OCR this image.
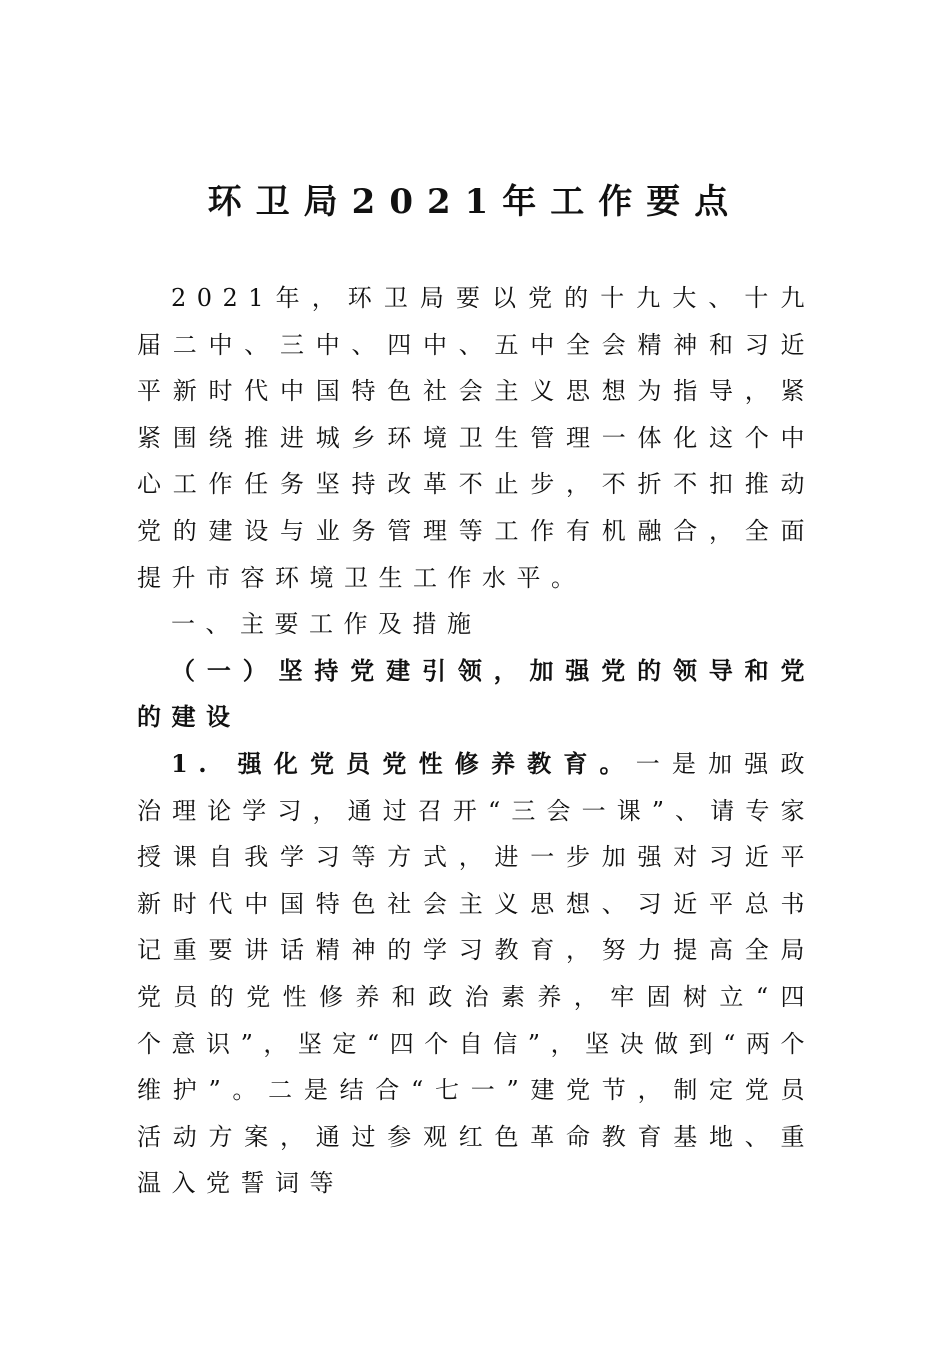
环卫局2021年工作要点

2021年，环卫局要以党的十九大、十九届二中、三中、四中、五中全会精神和习近平新时代中国特色社会主义思想为指导，紧紧围绕推进城乡环境卫生管理一体化这个中心工作任务坚持改革不止步，不折不扣推动党的建设与业务管理等工作有机融合，全面提升市容环境卫生工作水平。

一、主要工作及措施

（一）坚持党建引领，加强党的领导和党的建设

1. 强化党员党性修养教育。一是加强政治理论学习，通过召开“三会一课”、请专家授课自我学习等方式，进一步加强对习近平新时代中国特色社会主义思想、习近平总书记重要讲话精神的学习教育，努力提高全局党员的党性修养和政治素养，牢固树立“四个意识”，坚定“四个自信”，坚决做到“两个维护”。二是结合“七一”建党节，制定党员活动方案，通过参观红色革命教育基地、重温入党誓词等
